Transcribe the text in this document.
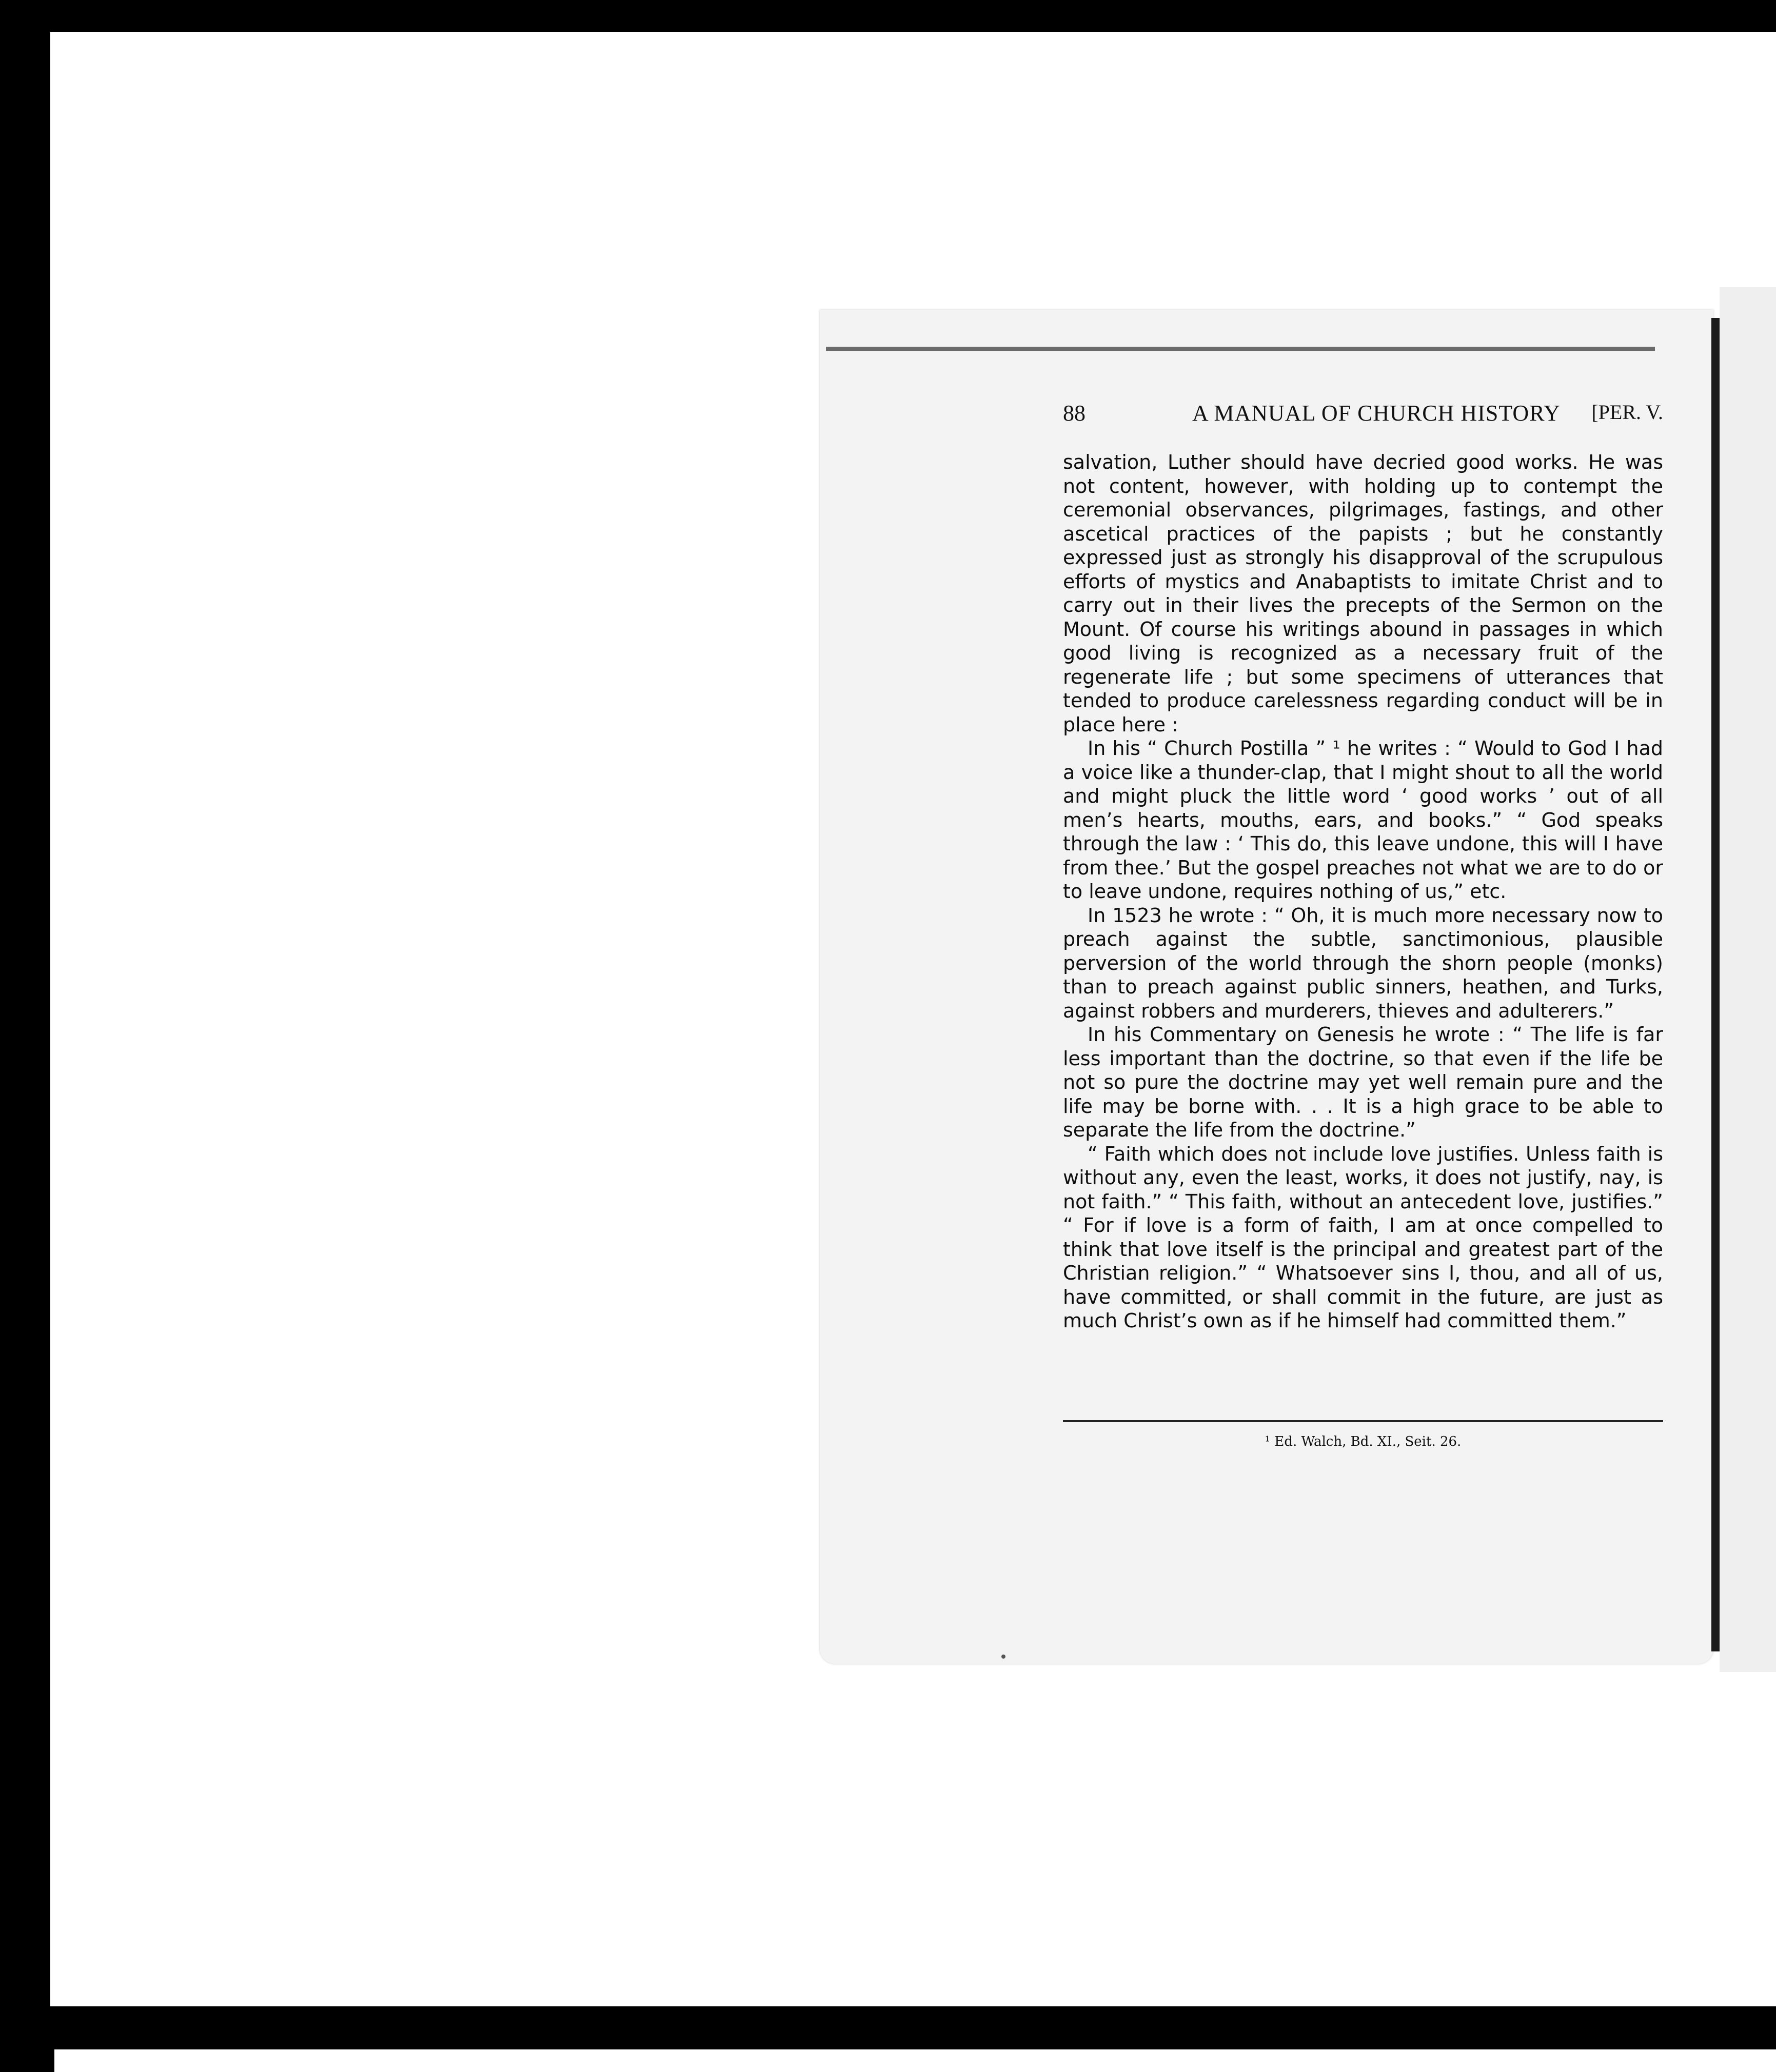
88	A MANUAL OF CHURCH HISTORY [PER. V.

salvation, Luther should have decried good works. He was not content, however, with holding up to contempt the ceremonial observances, pilgrimages, fastings, and other ascetical practices of the papists ; but he constantly expressed just as strongly his disapproval of the scrupulous efforts of mystics and Anabaptists to imitate Christ and to carry out in their lives the precepts of the Sermon on the Mount. Of course his writings abound in passages in which good living is recognized as a necessary fruit of the regenerate life ; but some specimens of utterances that tended to produce carelessness regarding conduct will be in place here :

In his “ Church Postilla ” ¹ he writes : “ Would to God I had a voice like a thunder-clap, that I might shout to all the world and might pluck the little word ‘ good works ’ out of all men’s hearts, mouths, ears, and books.” “ God speaks through the law : ‘ This do, this leave undone, this will I have from thee.’ But the gospel preaches not what we are to do or to leave undone, requires nothing of us,” etc.

In 1523 he wrote : “ Oh, it is much more necessary now to preach against the subtle, sanctimonious, plausible perversion of the world through the shorn people (monks) than to preach against public sinners, heathen, and Turks, against robbers and murderers, thieves and adulterers.”

In his Commentary on Genesis he wrote : “ The life is far less important than the doctrine, so that even if the life be not so pure the doctrine may yet well remain pure and the life may be borne with. . . It is a high grace to be able to separate the life from the doctrine.”

“ Faith which does not include love justifies. Unless faith is without any, even the least, works, it does not justify, nay, is not faith.” “ This faith, without an antecedent love, justifies.” “ For if love is a form of faith, I am at once compelled to think that love itself is the principal and greatest part of the Christian religion.” “ Whatsoever sins I, thou, and all of us, have committed, or shall commit in the future, are just as much Christ’s own as if he himself had committed them.”

¹ Ed. Walch, Bd. XI., Seit. 26.
